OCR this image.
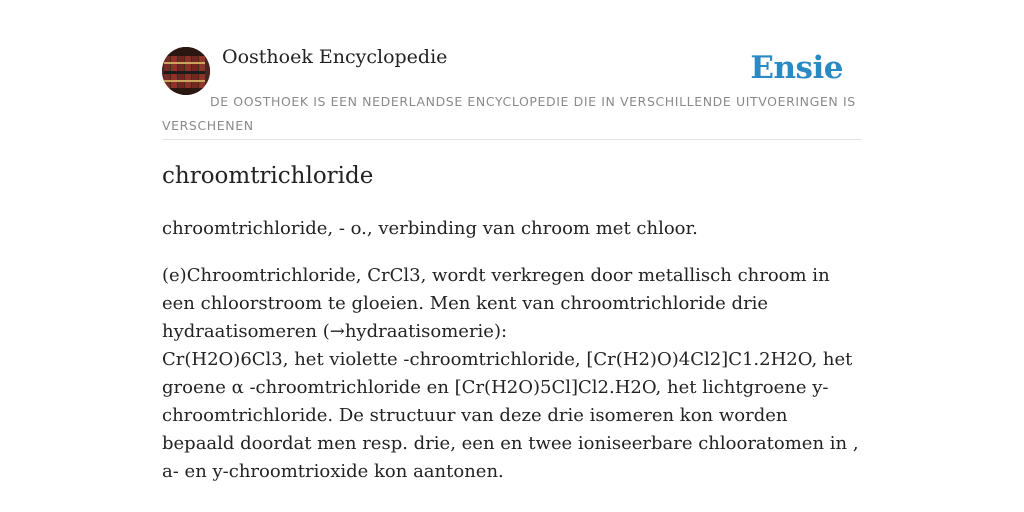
Oosthoek Encyclopedie	Ensie
DE OOSTHOEK IS EEN NEDERLANDSE ENCYCLOPEDIE DIE IN VERSCHILLENDE UITVOERINGEN IS VERSCHENEN
chroomtrichloride

chroomtrichloride, - o., verbinding van chroom met chloor.

(e)Chroomtrichloride, CrCl3, wordt verkregen door metallisch chroom in een chloorstroom te gloeien. Men kent van chroomtrichloride drie hydraatisomeren (→hydraatisomerie):
Cr(H2O)6Cl3, het violette -chroomtrichloride, [Cr(H2)O)4Cl2]C1.2H2O, het groene α -chroomtrichloride en [Cr(H2O)5Cl]Cl2.H2O, het lichtgroene y-chroomtrichloride. De structuur van deze drie isomeren kon worden bepaald doordat men resp. drie, een en twee ioniseerbare chlooratomen in , a- en y-chroomtrioxide kon aantonen.
